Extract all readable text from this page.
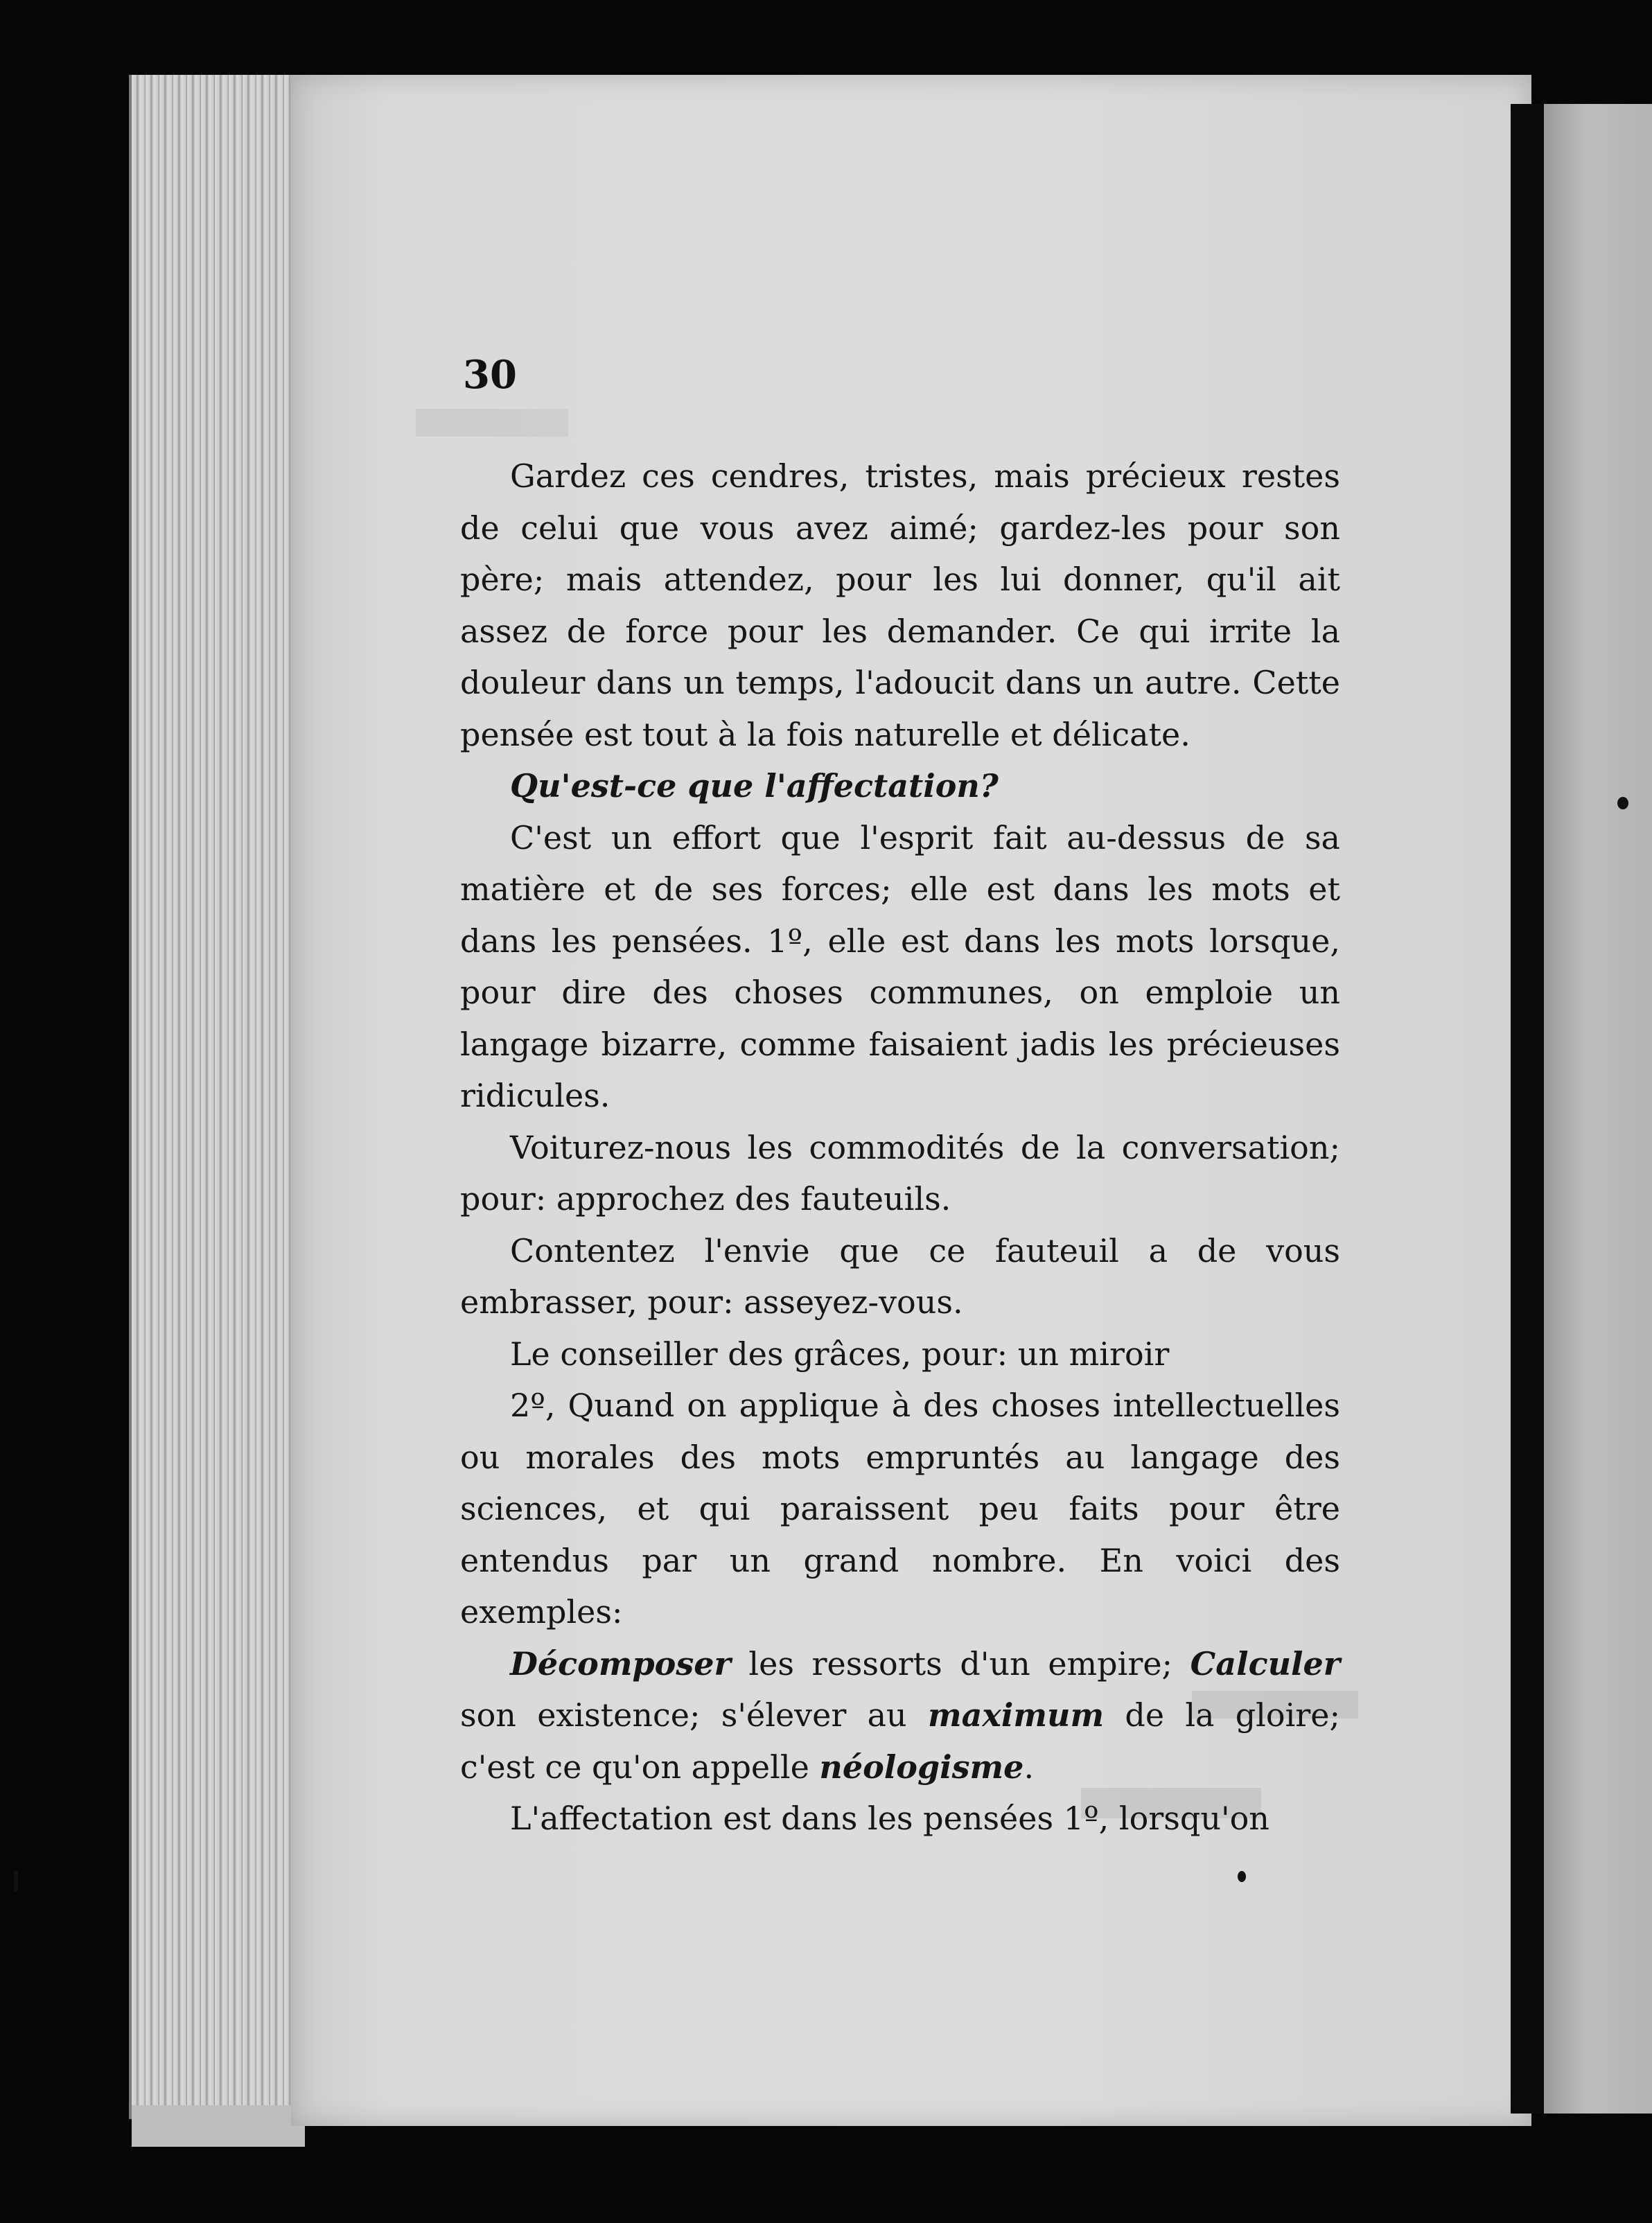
30

Gardez ces cendres, tristes, mais précieux restes de celui que vous avez aimé; gardez-les pour son père; mais attendez, pour les lui donner, qu'il ait assez de force pour les demander. Ce qui irrite la douleur dans un temps, l'adoucit dans un autre. Cette pensée est tout à la fois naturelle et délicate.

Qu'est-ce que l'affectation?

C'est un effort que l'esprit fait au-dessus de sa matière et de ses forces; elle est dans les mots et dans les pensées. 1º, elle est dans les mots lorsque, pour dire des choses communes, on emploie un langage bizarre, comme faisaient jadis les précieuses ridicules.

Voiturez-nous les commodités de la conversation; pour: approchez des fauteuils.

Contentez l'envie que ce fauteuil a de vous embrasser, pour: asseyez-vous.

Le conseiller des grâces, pour: un miroir

2º, Quand on applique à des choses intellectuelles ou morales des mots empruntés au langage des sciences, et qui paraissent peu faits pour être entendus par un grand nombre. En voici des exemples:

Décomposer les ressorts d'un empire; Calculer son existence; s'élever au maximum de la gloire; c'est ce qu'on appelle néologisme.

L'affectation est dans les pensées 1º, lorsqu'on
